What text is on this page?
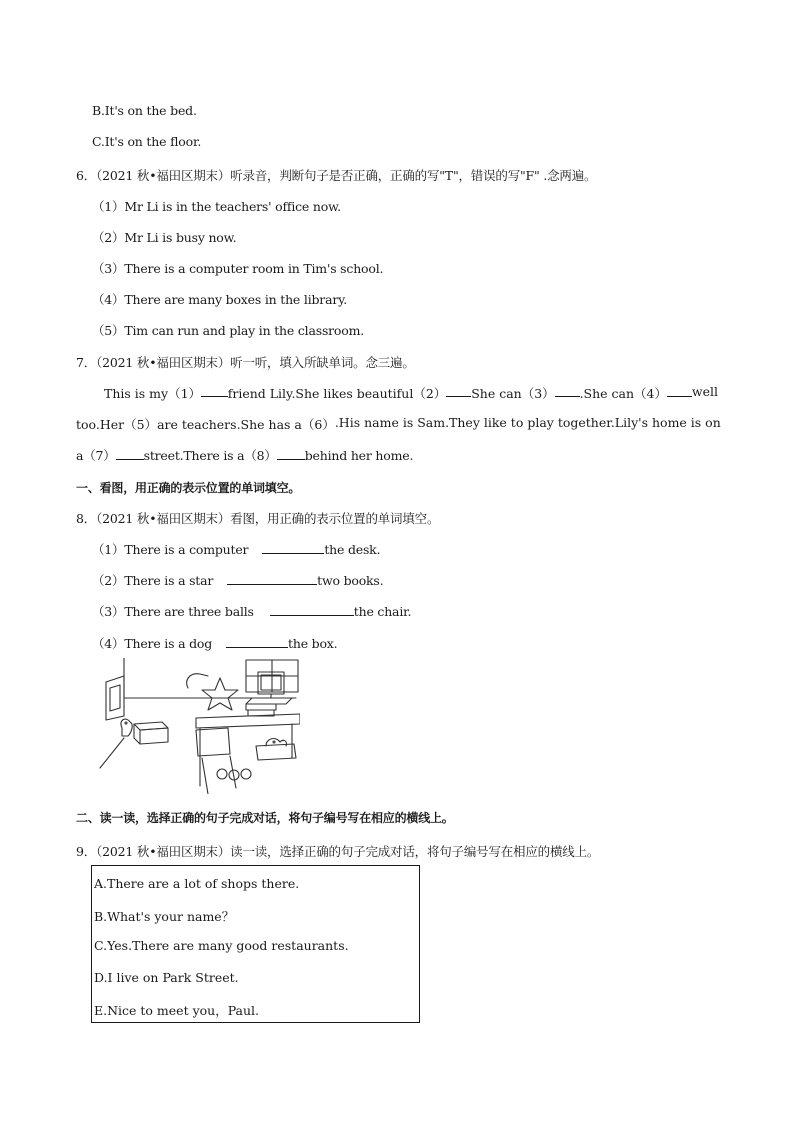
B.It's on the bed.
C.It's on the floor.
6．（2021 秋•福田区期末）听录音，判断句子是否正确，正确的写"T"，错误的写"F" .念两遍。
（1）Mr Li is in the teachers' office now.
（2）Mr Li is busy now.
（3）There is a computer room in Tim's school.
（4）There are many boxes in the library.
（5）Tim can run and play in the classroom.
7．（2021 秋•福田区期末）听一听，填入所缺单词。念三遍。
This is my（1） friend Lily.She likes beautiful（2） She can（3） .She can（4） well
too.Her（5） are teachers.She has a（6） .His name is Sam.They like to play together.Lily's home is on
a（7） street.There is a（8） behind her home.
一、看图，用正确的表示位置的单词填空。
8．（2021 秋•福田区期末）看图，用正确的表示位置的单词填空。
（1）There is a computer	the desk.
（2）There is a star	two books.
（3）There are three balls	the chair.
（4）There is a dog	the box.
二、读一读，选择正确的句子完成对话，将句子编号写在相应的横线上。
9．（2021 秋•福田区期末）读一读，选择正确的句子完成对话，将句子编号写在相应的横线上。
A.There are a lot of shops there.
B.What's your name？
C.Yes.There are many good restaurants.
D.I live on Park Street.
E.Nice to meet you，Paul.
